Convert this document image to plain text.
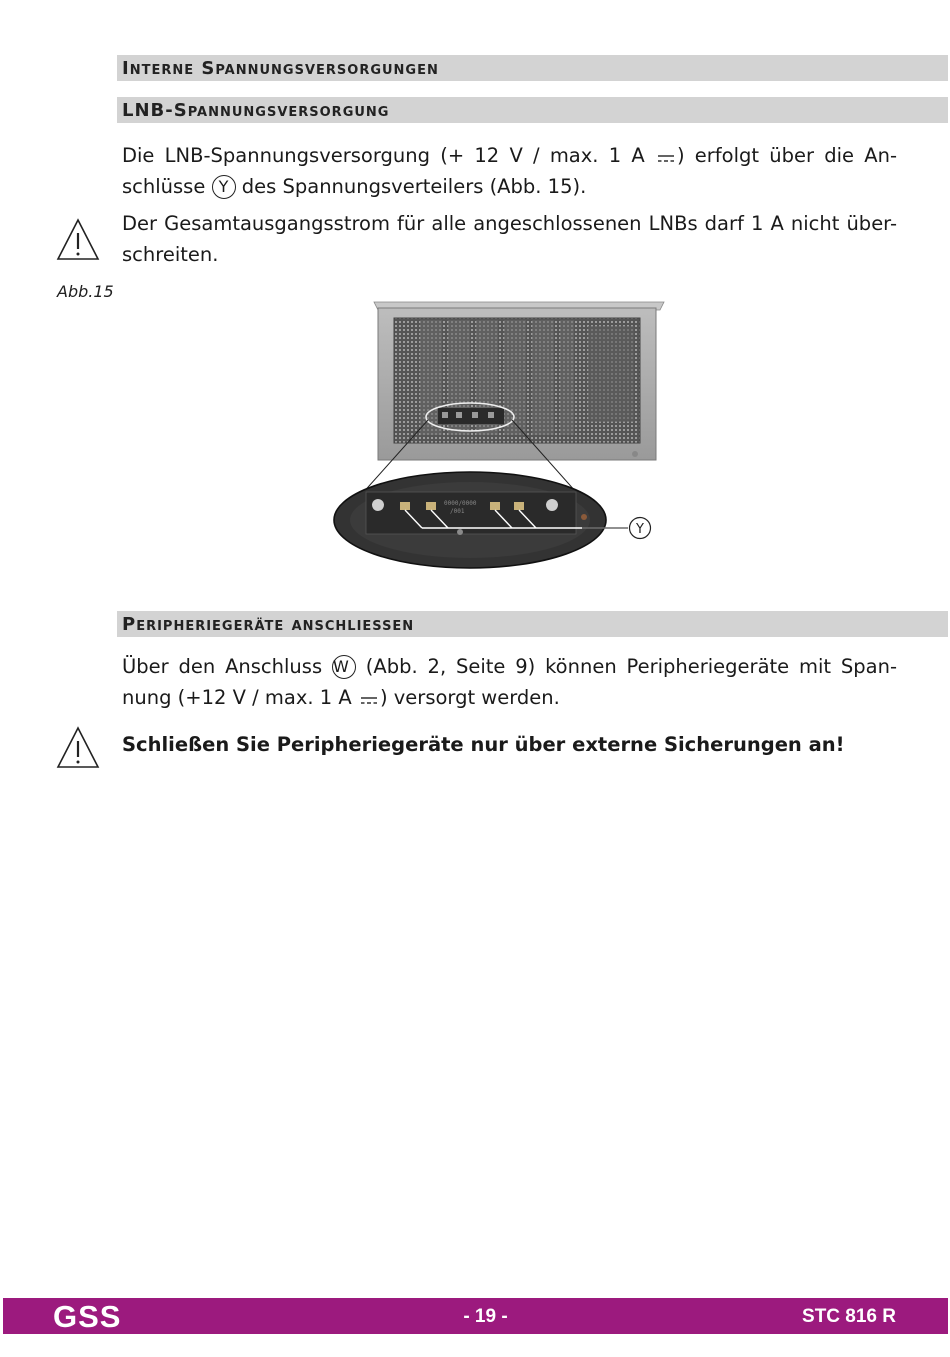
Interne Spannungsversorgungen
LNB-Spannungsversorgung
Die LNB-Spannungsversorgung (+ 12 V / max. 1 A ) erfolgt über die An-
schlüsse Y des Spannungsverteilers (Abb. 15).
Der Gesamtausgangsstrom für alle angeschlossenen LNBs darf 1 A nicht über-
schreiten.
Abb.15
0000/0000
/001
Y
Peripheriegeräte anschliessen
Über den Anschluss W (Abb. 2, Seite 9) können Peripheriegeräte mit Span-
nung (+12 V / max. 1 A ) versorgt werden.
Schließen Sie Peripheriegeräte nur über externe Sicherungen an!
GSS	- 19 -	STC 816 R
